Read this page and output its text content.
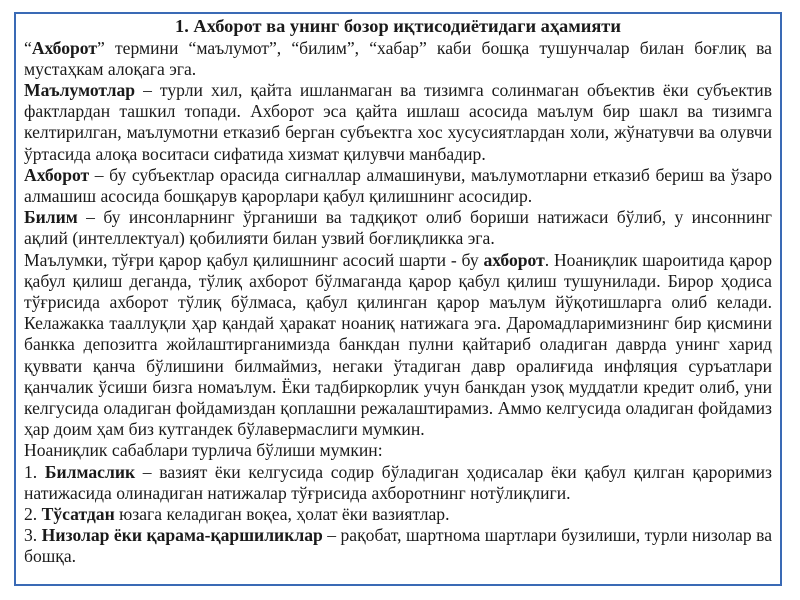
1. Ахборот ва унинг бозор иқтисодиётидаги аҳамияти

“Ахборот” термини “маълумот”, “билим”, “хабар” каби бошқа тушунчалар билан боғлиқ ва мустаҳкам алоқага эга.

Маълумотлар – турли хил, қайта ишланмаган ва тизимга солинмаган объектив ёки субъектив фактлардан ташкил топади. Ахборот эса қайта ишлаш асосида маълум бир шакл ва тизимга келтирилган, маълумотни етказиб берган субъектга хос хусусиятлардан холи, жўнатувчи ва олувчи ўртасида алоқа воситаси сифатида хизмат қилувчи манбадир.

Ахборот – бу субъектлар орасида сигналлар алмашинуви, маълумотларни етказиб бериш ва ўзаро алмашиш асосида бошқарув қарорлари қабул қилишнинг асосидир.

Билим – бу инсонларнинг ўрганиши ва тадқиқот олиб бориши натижаси бўлиб, у инсоннинг ақлий (интеллектуал) қобилияти билан узвий боғлиқликка эга.

Маълумки, тўғри қарор қабул қилишнинг асосий шарти - бу ахборот. Ноаниқлик шароитида қарор қабул қилиш деганда, тўлиқ ахборот бўлмаганда қарор қабул қилиш тушунилади. Бирор ҳодиса тўғрисида ахборот тўлиқ бўлмаса, қабул қилинган қарор маълум йўқотишларга олиб келади. Келажакка тааллуқли ҳар қандай ҳаракат ноаниқ натижага эга. Даромадларимизнинг бир қисмини банкка депозитга жойлаштирганимизда банкдан пулни қайтариб оладиган даврда унинг харид қуввати қанча бўлишини билмаймиз, негаки ўтадиган давр оралиғида инфляция суръатлари қанчалик ўсиши бизга номаълум. Ёки тадбиркорлик учун банкдан узоқ муддатли кредит олиб, уни келгусида оладиган фойдамиздан қоплашни режалаштирамиз. Аммо келгусида оладиган фойдамиз ҳар доим ҳам биз кутгандек бўлавермаслиги мумкин.

Ноаниқлик сабаблари турлича бўлиши мумкин:

1. Билмаслик – вазият ёки келгусида содир бўладиган ҳодисалар ёки қабул қилган қароримиз натижасида олинадиган натижалар тўғрисида ахборотнинг нотўлиқлиги.

2. Тўсатдан юзага келадиган воқеа, ҳолат ёки вазиятлар.

3. Низолар ёки қарама-қаршиликлар – рақобат, шартнома шартлари бузилиши, турли низолар ва бошқа.
